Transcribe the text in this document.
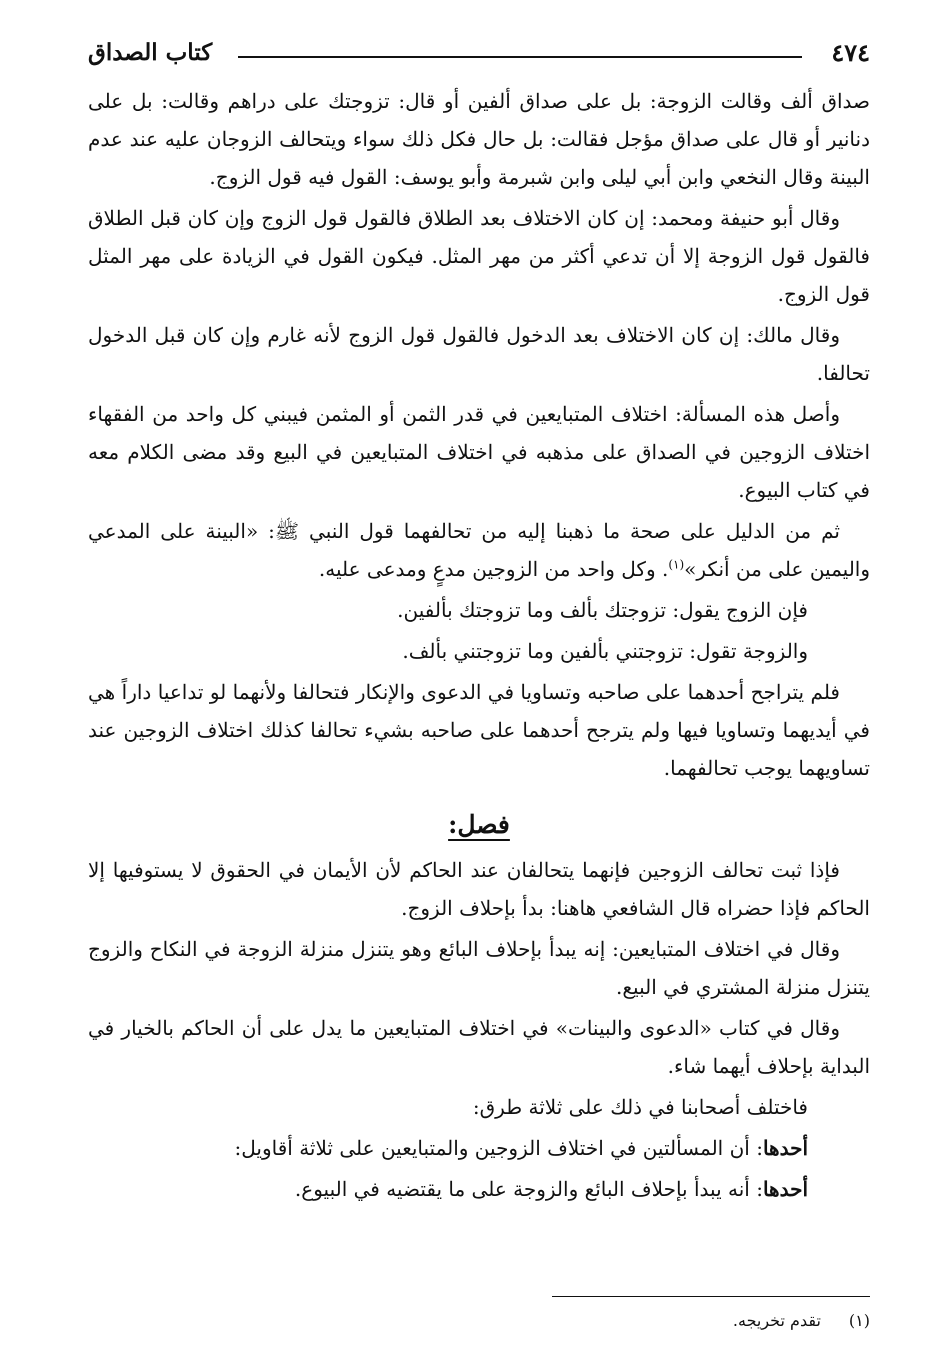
٤٧٤
كتاب الصداق

صداق ألف وقالت الزوجة: بل على صداق ألفين أو قال: تزوجتك على دراهم وقالت: بل على دنانير أو قال على صداق مؤجل فقالت: بل حال فكل ذلك سواء ويتحالف الزوجان عليه عند عدم البينة وقال النخعي وابن أبي ليلى وابن شبرمة وأبو يوسف: القول فيه قول الزوج.

وقال أبو حنيفة ومحمد: إن كان الاختلاف بعد الطلاق فالقول قول الزوج وإن كان قبل الطلاق فالقول قول الزوجة إلا أن تدعي أكثر من مهر المثل. فيكون القول في الزيادة على مهر المثل قول الزوج.

وقال مالك: إن كان الاختلاف بعد الدخول فالقول قول الزوج لأنه غارم وإن كان قبل الدخول تحالفا.

وأصل هذه المسألة: اختلاف المتبايعين في قدر الثمن أو المثمن فيبني كل واحد من الفقهاء اختلاف الزوجين في الصداق على مذهبه في اختلاف المتبايعين في البيع وقد مضى الكلام معه في كتاب البيوع.

ثم من الدليل على صحة ما ذهبنا إليه من تحالفهما قول النبي ﷺ: «البينة على المدعي واليمين على من أنكر»$^{(١)}$. وكل واحد من الزوجين مدعٍ ومدعى عليه.

فإن الزوج يقول: تزوجتك بألف وما تزوجتك بألفين.

والزوجة تقول: تزوجتني بألفين وما تزوجتني بألف.

فلم يتراجح أحدهما على صاحبه وتساويا في الدعوى والإنكار فتحالفا ولأنهما لو تداعيا داراً هي في أيديهما وتساويا فيها ولم يترجح أحدهما على صاحبه بشيء تحالفا كذلك اختلاف الزوجين عند تساويهما يوجب تحالفهما.

فصل:

فإذا ثبت تحالف الزوجين فإنهما يتحالفان عند الحاكم لأن الأيمان في الحقوق لا يستوفيها إلا الحاكم فإذا حضراه قال الشافعي هاهنا: بدأ بإحلاف الزوج.

وقال في اختلاف المتبايعين: إنه يبدأ بإحلاف البائع وهو يتنزل منزلة الزوجة في النكاح والزوج يتنزل منزلة المشتري في البيع.

وقال في كتاب «الدعوى والبينات» في اختلاف المتبايعين ما يدل على أن الحاكم بالخيار في البداية بإحلاف أيهما شاء.

فاختلف أصحابنا في ذلك على ثلاثة طرق:

أحدها: أن المسألتين في اختلاف الزوجين والمتبايعين على ثلاثة أقاويل:

أحدها: أنه يبدأ بإحلاف البائع والزوجة على ما يقتضيه في البيوع.

(١)تقدم تخريجه.
